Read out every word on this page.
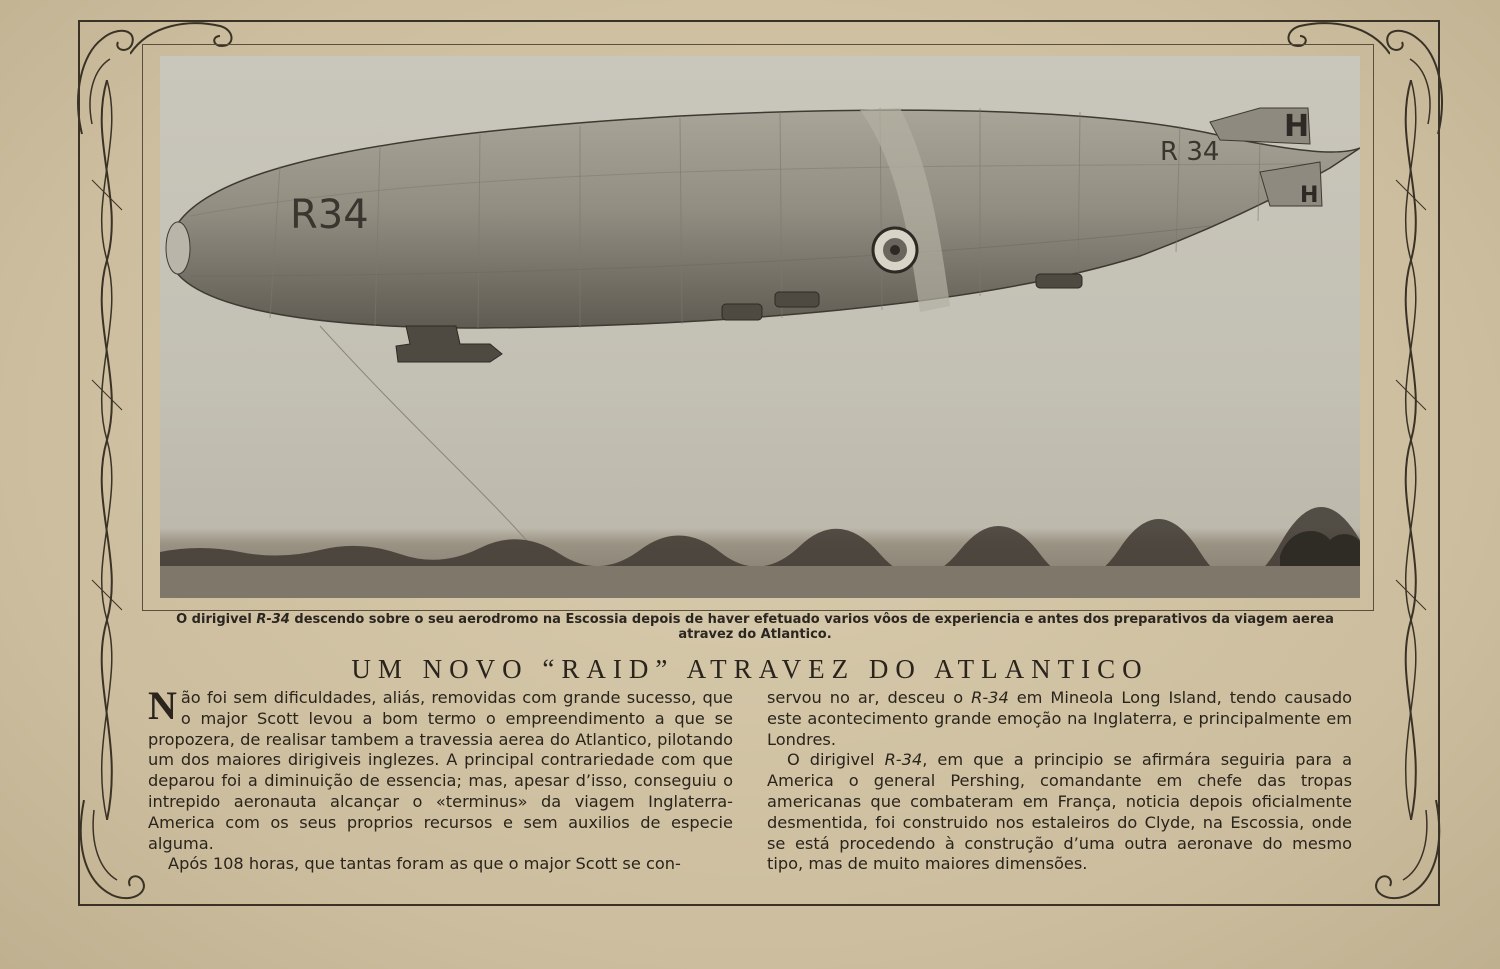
H
H
R34
R 34
O dirigivel R-34 descendo sobre o seu aerodromo na Escossia depois de haver efetuado varios vôos de experiencia e antes dos preparativos da viagem aerea atravez do Atlantico.
UM NOVO “RAID” ATRAVEZ DO ATLANTICO

Não foi sem dificuldades, aliás, removidas com grande sucesso, que o major Scott levou a bom termo o empreendimento a que se propozera, de realisar tambem a travessia aerea do Atlantico, pilotando um dos maiores dirigiveis inglezes. A principal contrariedade com que deparou foi a diminuição de essencia; mas, apesar d’isso, conseguiu o intrepido aeronauta alcançar o «terminus» da viagem Inglaterra-America com os seus proprios recursos e sem auxilios de especie alguma.

Após 108 horas, que tantas foram as que o major Scott se con-

servou no ar, desceu o R-34 em Mineola Long Island, tendo causado este acontecimento grande emoção na Inglaterra, e principalmente em Londres.

O dirigivel R-34, em que a principio se afirmára seguiria para a America o general Pershing, comandante em chefe das tropas americanas que combateram em França, noticia depois oficialmente desmentida, foi construido nos estaleiros do Clyde, na Escossia, onde se está procedendo à construção d’uma outra aeronave do mesmo tipo, mas de muito maiores dimensões.
